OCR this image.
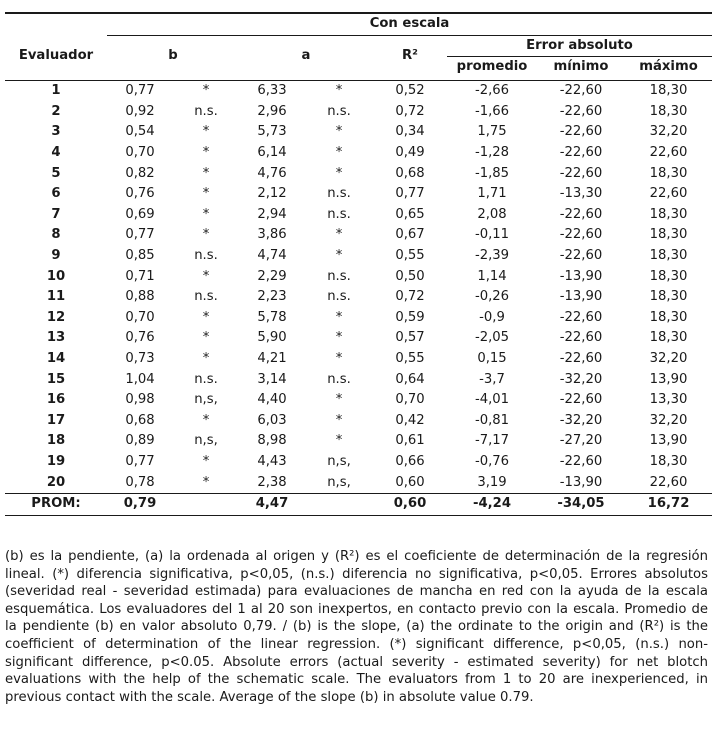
	Con escala							
Evaluador	b		a		R²	Error absoluto		
						promedio	mínimo	máximo

1	0,77	*	6,33	*	0,52	-2,66	-22,60	18,30
2	0,92	n.s.	2,96	n.s.	0,72	-1,66	-22,60	18,30
3	0,54	*	5,73	*	0,34	1,75	-22,60	32,20
4	0,70	*	6,14	*	0,49	-1,28	-22,60	22,60
5	0,82	*	4,76	*	0,68	-1,85	-22,60	18,30
6	0,76	*	2,12	n.s.	0,77	1,71	-13,30	22,60
7	0,69	*	2,94	n.s.	0,65	2,08	-22,60	18,30
8	0,77	*	3,86	*	0,67	-0,11	-22,60	18,30
9	0,85	n.s.	4,74	*	0,55	-2,39	-22,60	18,30
10	0,71	*	2,29	n.s.	0,50	1,14	-13,90	18,30
11	0,88	n.s.	2,23	n.s.	0,72	-0,26	-13,90	18,30
12	0,70	*	5,78	*	0,59	-0,9	-22,60	18,30
13	0,76	*	5,90	*	0,57	-2,05	-22,60	18,30
14	0,73	*	4,21	*	0,55	0,15	-22,60	32,20
15	1,04	n.s.	3,14	n.s.	0,64	-3,7	-32,20	13,90
16	0,98	n,s,	4,40	*	0,70	-4,01	-22,60	13,30
17	0,68	*	6,03	*	0,42	-0,81	-32,20	32,20
18	0,89	n,s,	8,98	*	0,61	-7,17	-27,20	13,90
19	0,77	*	4,43	n,s,	0,66	-0,76	-22,60	18,30
20	0,78	*	2,38	n,s,	0,60	3,19	-13,90	22,60
PROM:	0,79		4,47		0,60	-4,24	-34,05	16,72
(b) es la pendiente, (a) la ordenada al origen y (R²) es el coeficiente de determinación de la regresión lineal. (*) diferencia significativa, p<0,05, (n.s.) diferencia no significativa, p<0,05. Errores absolutos (severidad real - severidad estimada) para evaluaciones de mancha en red con la ayuda de la escala esquemática. Los evaluadores del 1 al 20 son inexpertos, en contacto previo con la escala. Promedio de la pendiente (b) en valor absoluto 0,79. / (b) is the slope, (a) the ordinate to the origin and (R²) is the coefficient of determination of the linear regression. (*) significant difference, p<0,05, (n.s.) non-significant difference, p<0.05. Absolute errors (actual severity - estimated severity) for net blotch evaluations with the help of the schematic scale. The evaluators from 1 to 20 are inexperienced, in previous contact with the scale. Average of the slope (b) in absolute value 0.79.
